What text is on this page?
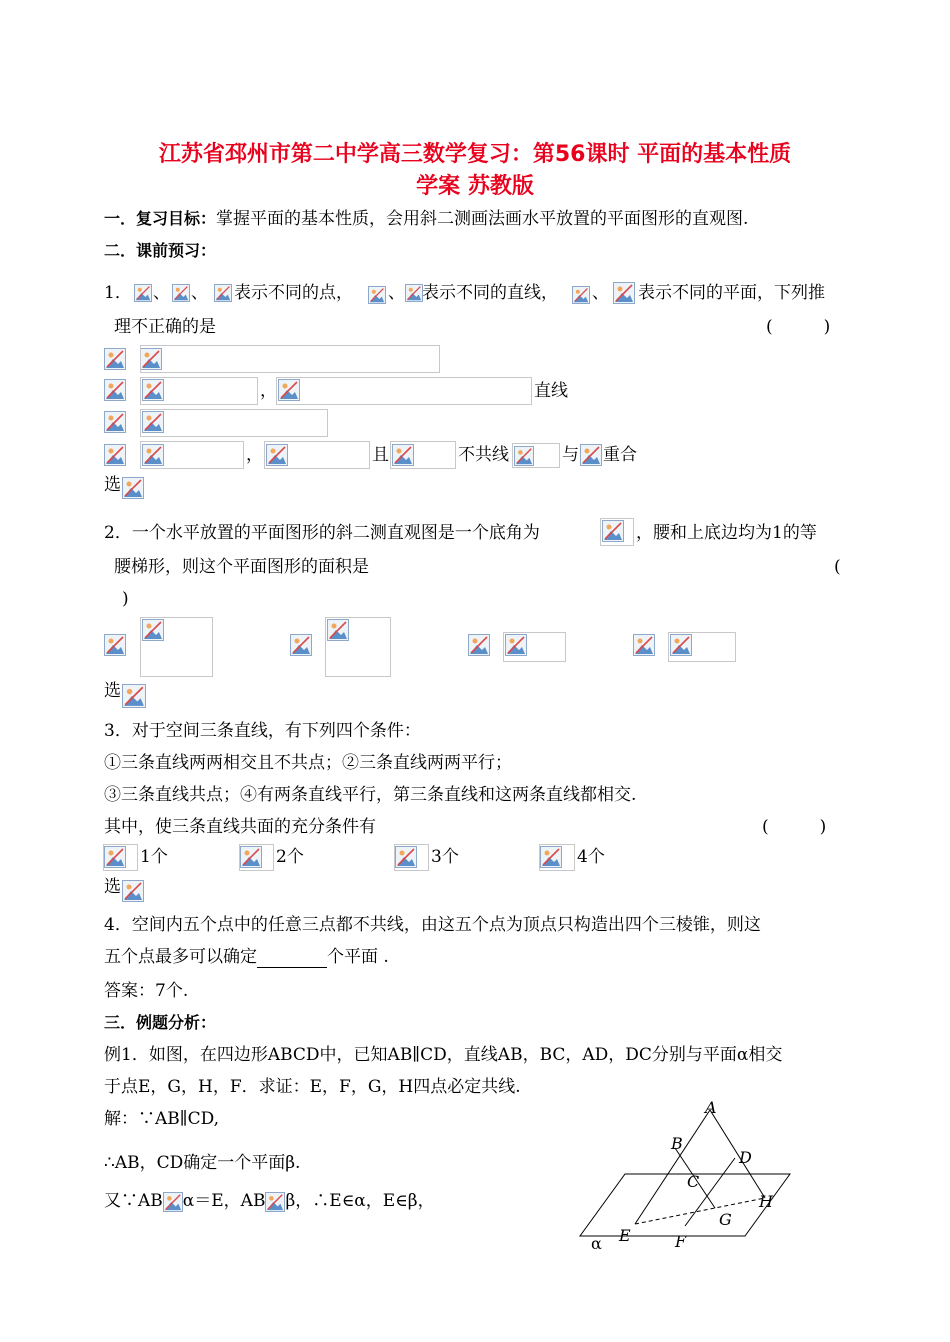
江苏省邳州市第二中学高三数学复习：第56课时 平面的基本性质
学案 苏教版
一．复习目标：掌握平面的基本性质，会用斜二测画法画水平放置的平面图形的直观图.
二．课前预习：
1． 、 、 表示不同的点， 、 表示不同的直线， 、 表示不同的平面，下列推
理不正确的是	(　　　)
，	直线
，	且	不共线	与 重合
选
2．一个水平放置的平面图形的斜二测直观图是一个底角为	，腰和上底边均为1的等
腰梯形，则这个平面图形的面积是	(
)
选
3．对于空间三条直线，有下列四个条件：
①三条直线两两相交且不共点；②三条直线两两平行；
③三条直线共点；④有两条直线平行，第三条直线和这两条直线都相交.
其中，使三条直线共面的充分条件有	(　　　)
1个	2个	3个	4个
选
4．空间内五个点中的任意三点都不共线，由这五个点为顶点只构造出四个三棱锥，则这
五个点最多可以确定	个平面 .
答案：7个.
三．例题分析：
例1．如图，在四边形ABCD中，已知AB∥CD，直线AB，BC，AD，DC分别与平面α相交
于点E，G，H，F．求证：E，F，G，H四点必定共线.
解：∵AB∥CD,
∴AB，CD确定一个平面β.
又∵AB α＝E，AB β，∴E∈α，E∈β，
A
B
C
D
E	F
G
H
α
